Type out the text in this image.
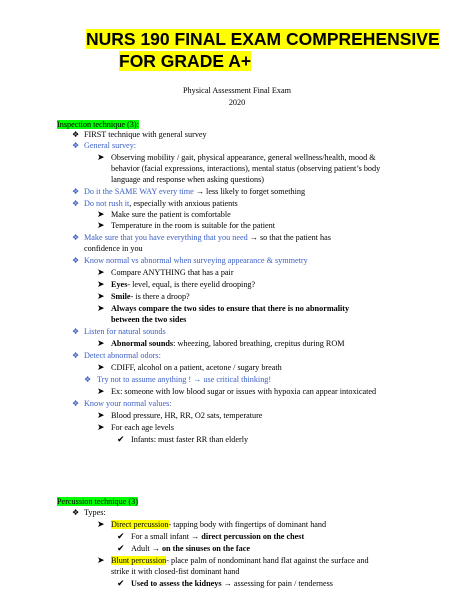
NURS 190 FINAL EXAM COMPREHENSIVE
FOR GRADE A+
Physical Assessment Final Exam
2020
Inspection technique (3):
❖ FIRST technique with general survey
❖ General survey:
➤ Observing mobility / gait, physical appearance, general wellness/health, mood &
behavior (facial expressions, interactions), mental status (observing patient’s body
language and response when asking questions)
❖ Do it the SAME WAY every time → less likely to forget something
❖ Do not rush it, especially with anxious patients
➤ Make sure the patient is comfortable
➤ Temperature in the room is suitable for the patient
❖ Make sure that you have everything that you need → so that the patient has
confidence in you
❖ Know normal vs abnormal when surveying appearance & symmetry
➤ Compare ANYTHING that has a pair
➤ Eyes- level, equal, is there eyelid drooping?
➤ Smile- is there a droop?
➤ Always compare the two sides to ensure that there is no abnormality
between the two sides
❖ Listen for natural sounds
➤ Abnormal sounds: wheezing, labored breathing, crepitus during ROM
❖ Detect abnormal odors:
➤ CDIFF, alcohol on a patient, acetone / sugary breath
❖ Try not to assume anything ! → use critical thinking!
➤ Ex: someone with low blood sugar or issues with hypoxia can appear intoxicated
❖ Know your normal values:
➤ Blood pressure, HR, RR, O2 sats, temperature
➤ For each age levels
✔ Infants: must faster RR than elderly
Percussion technique (3)
❖ Types:
➤ Direct percussion- tapping body with fingertips of dominant hand
✔ For a small infant → direct percussion on the chest
✔ Adult → on the sinuses on the face
➤ Blunt percussion- place palm of nondominant hand flat against the surface and
strike it with closed-fist dominant hand
✔ Used to assess the kidneys → assessing for pain / tenderness
